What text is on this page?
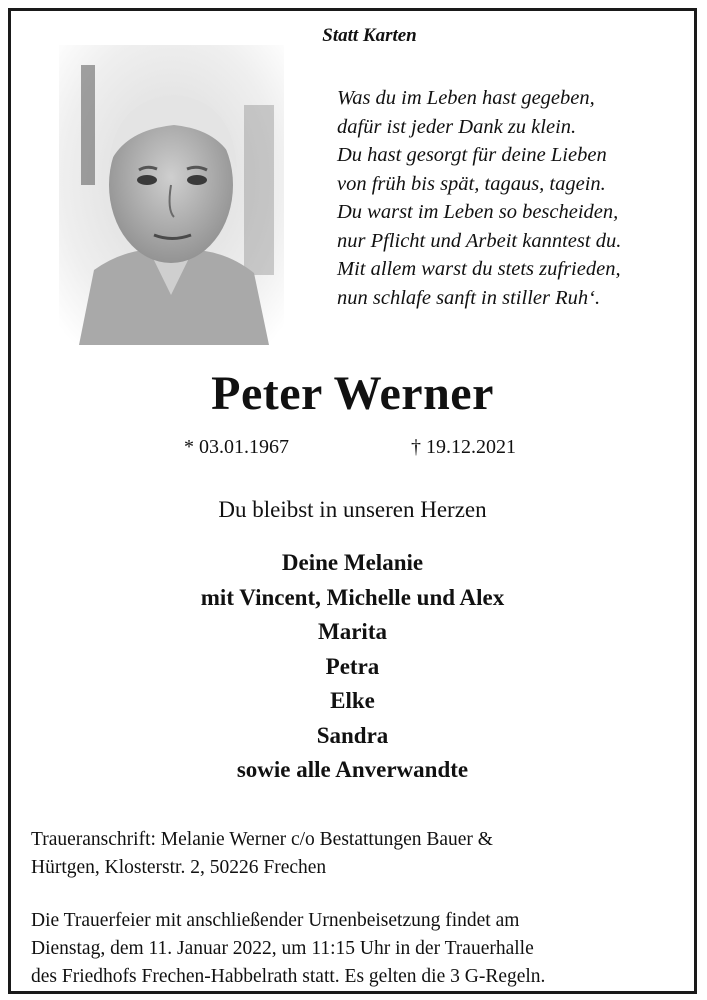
Statt Karten
Was du im Leben hast gegeben,
dafür ist jeder Dank zu klein.
Du hast gesorgt für deine Lieben
von früh bis spät, tagaus, tagein.
Du warst im Leben so bescheiden,
nur Pflicht und Arbeit kanntest du.
Mit allem warst du stets zufrieden,
nun schlafe sanft in stiller Ruh‘.
Peter Werner
* 03.01.1967	† 19.12.2021
Du bleibst in unseren Herzen
Deine Melanie
mit Vincent, Michelle und Alex
Marita
Petra
Elke
Sandra
sowie alle Anverwandte
Traueranschrift: Melanie Werner c/o Bestattungen Bauer &
Hürtgen, Klosterstr. 2, 50226 Frechen
Die Trauerfeier mit anschließender Urnenbeisetzung findet am
Dienstag, dem 11. Januar 2022, um 11:15 Uhr in der Trauerhalle
des Friedhofs Frechen-Habbelrath statt. Es gelten die 3 G-Regeln.
